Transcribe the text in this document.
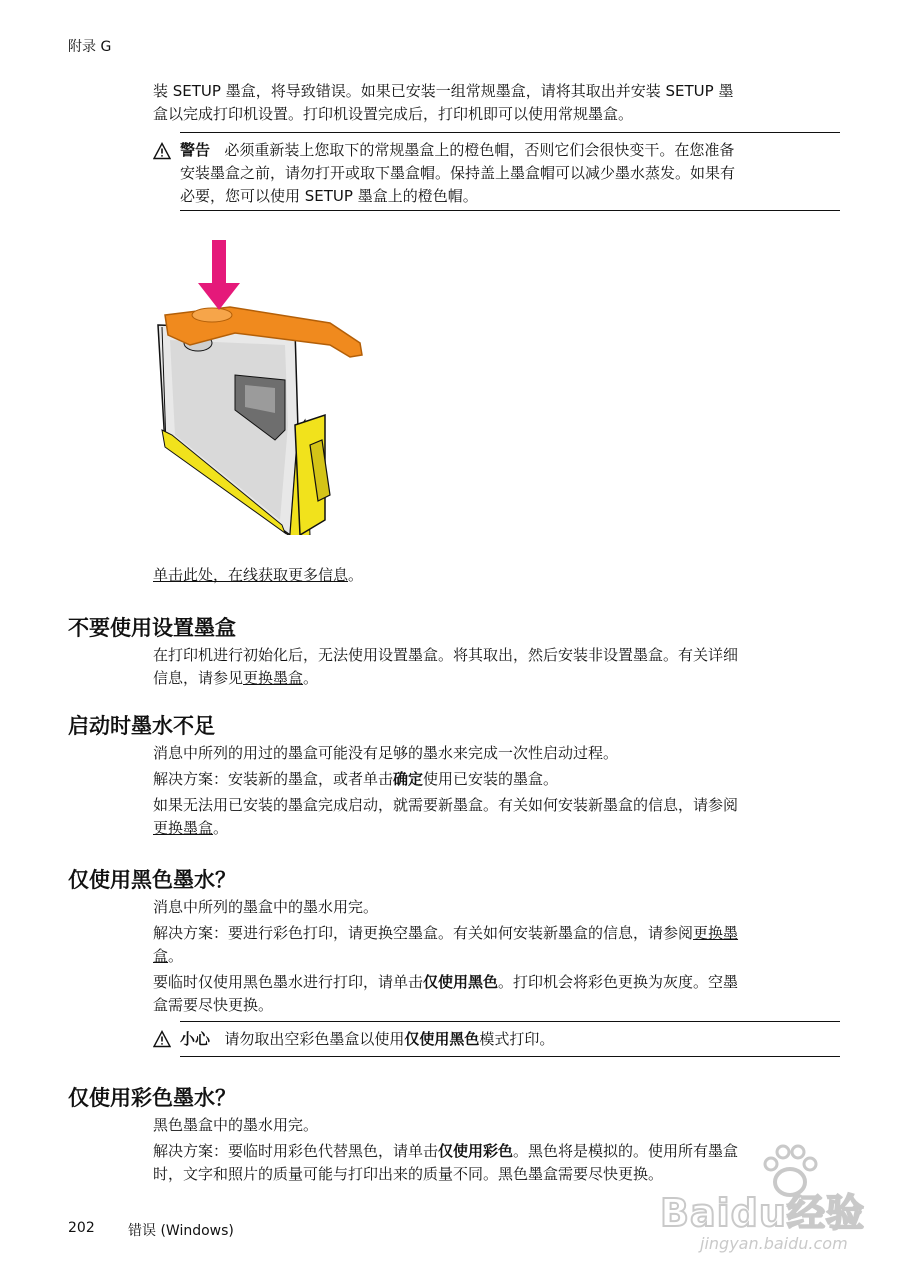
附录 G
装 SETUP 墨盒，将导致错误。如果已安装一组常规墨盒，请将其取出并安装 SETUP 墨
盒以完成打印机设置。打印机设置完成后，打印机即可以使用常规墨盒。
警告 必须重新装上您取下的常规墨盒上的橙色帽，否则它们会很快变干。在您准备
安装墨盒之前，请勿打开或取下墨盒帽。保持盖上墨盒帽可以减少墨水蒸发。如果有
必要，您可以使用 SETUP 墨盒上的橙色帽。
单击此处，在线获取更多信息。
不要使用设置墨盒
在打印机进行初始化后，无法使用设置墨盒。将其取出，然后安装非设置墨盒。有关详细
信息，请参见更换墨盒。
启动时墨水不足
消息中所列的用过的墨盒可能没有足够的墨水来完成一次性启动过程。
解决方案：安装新的墨盒，或者单击确定使用已安装的墨盒。
如果无法用已安装的墨盒完成启动，就需要新墨盒。有关如何安装新墨盒的信息，请参阅
更换墨盒。
仅使用黑色墨水？
消息中所列的墨盒中的墨水用完。
解决方案：要进行彩色打印，请更换空墨盒。有关如何安装新墨盒的信息，请参阅更换墨
盒。
要临时仅使用黑色墨水进行打印，请单击仅使用黑色。打印机会将彩色更换为灰度。空墨
盒需要尽快更换。
小心 请勿取出空彩色墨盒以使用仅使用黑色模式打印。
仅使用彩色墨水？
黑色墨盒中的墨水用完。
解决方案：要临时用彩色代替黑色，请单击仅使用彩色。黑色将是模拟的。使用所有墨盒
时，文字和照片的质量可能与打印出来的质量不同。黑色墨盒需要尽快更换。
Baidu经验
jingyan.baidu.com
202 错误 (Windows)
